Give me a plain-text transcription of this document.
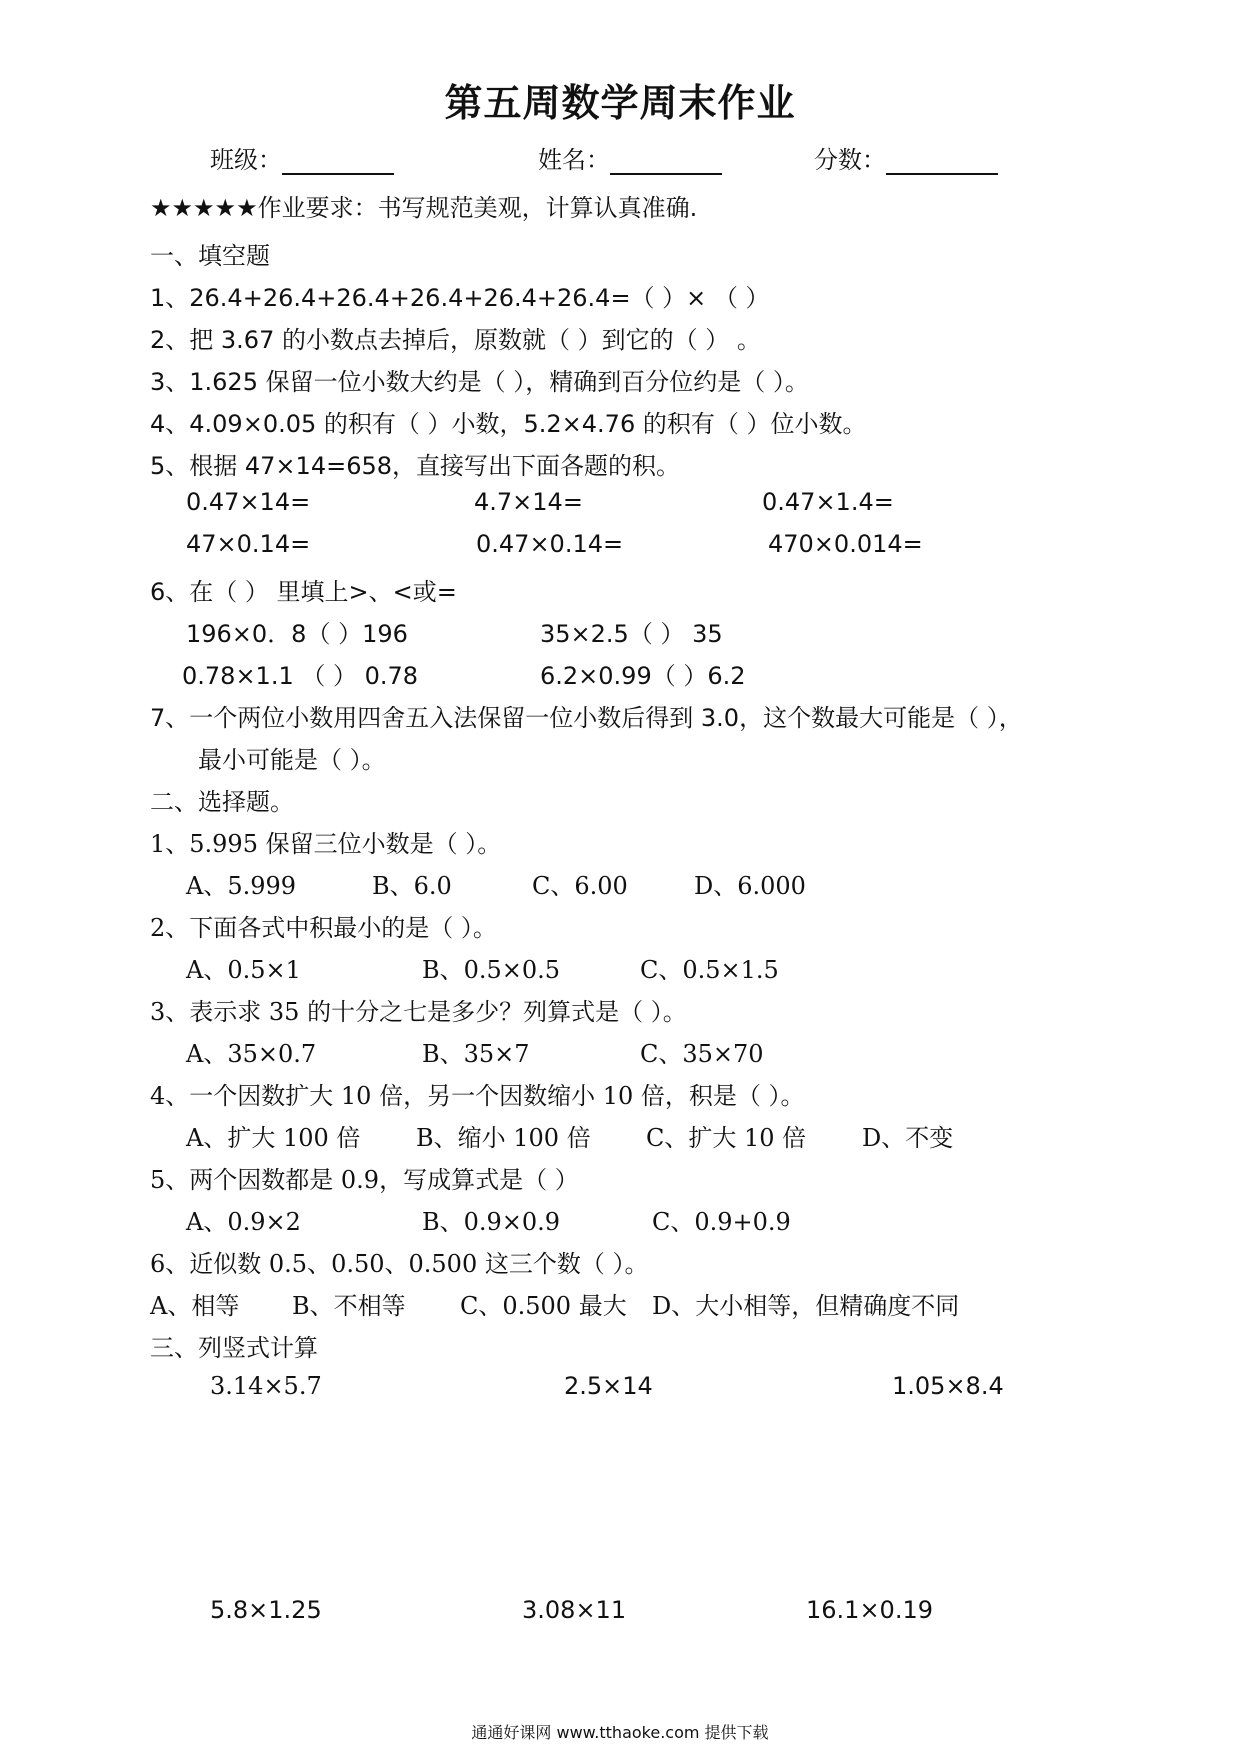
第五周数学周末作业
班级：	姓名：	分数：
★★★★★作业要求：书写规范美观，计算认真准确.
一、填空题
1、26.4+26.4+26.4+26.4+26.4+26.4=（ ）× （ ）
2、把 3.67 的小数点去掉后，原数就（ ）到它的（ ） 。
3、1.625 保留一位小数大约是（ ），精确到百分位约是（ ）。
4、4.09×0.05 的积有（ ）小数，5.2×4.76 的积有（ ）位小数。
5、根据 47×14=658，直接写出下面各题的积。
0.47×14=	4.7×14=	0.47×1.4=
47×0.14=	0.47×0.14=	470×0.014=
6、在（ ） 里填上>、<或=
196×0．8（ ）196	35×2.5（ ） 35
0.78×1.1 （ ） 0.78	6.2×0.99（ ）6.2
7、一个两位小数用四舍五入法保留一位小数后得到 3.0，这个数最大可能是（ ），
最小可能是（ ）。
二、选择题。
1、5.995 保留三位小数是（ ）。
A、5.999	B、6.0	C、6.00	D、6.000
2、下面各式中积最小的是（ ）。
A、0.5×1	B、0.5×0.5	C、0.5×1.5
3、表示求 35 的十分之七是多少？列算式是（ ）。
A、35×0.7	B、35×7	C、35×70
4、一个因数扩大 10 倍，另一个因数缩小 10 倍，积是（ ）。
A、扩大 100 倍 B、缩小 100 倍 C、扩大 10 倍 D、不变
5、两个因数都是 0.9，写成算式是（ ）
A、0.9×2	B、0.9×0.9	C、0.9+0.9
6、近似数 0.5、0.50、0.500 这三个数（ ）。
A、相等 B、不相等 C、0.500 最大 D、大小相等，但精确度不同
三、列竖式计算
3.14×5.7	2.5×14	1.05×8.4
5.8×1.25	3.08×11	16.1×0.19
通通好课网 www.tthaoke.com 提供下载
